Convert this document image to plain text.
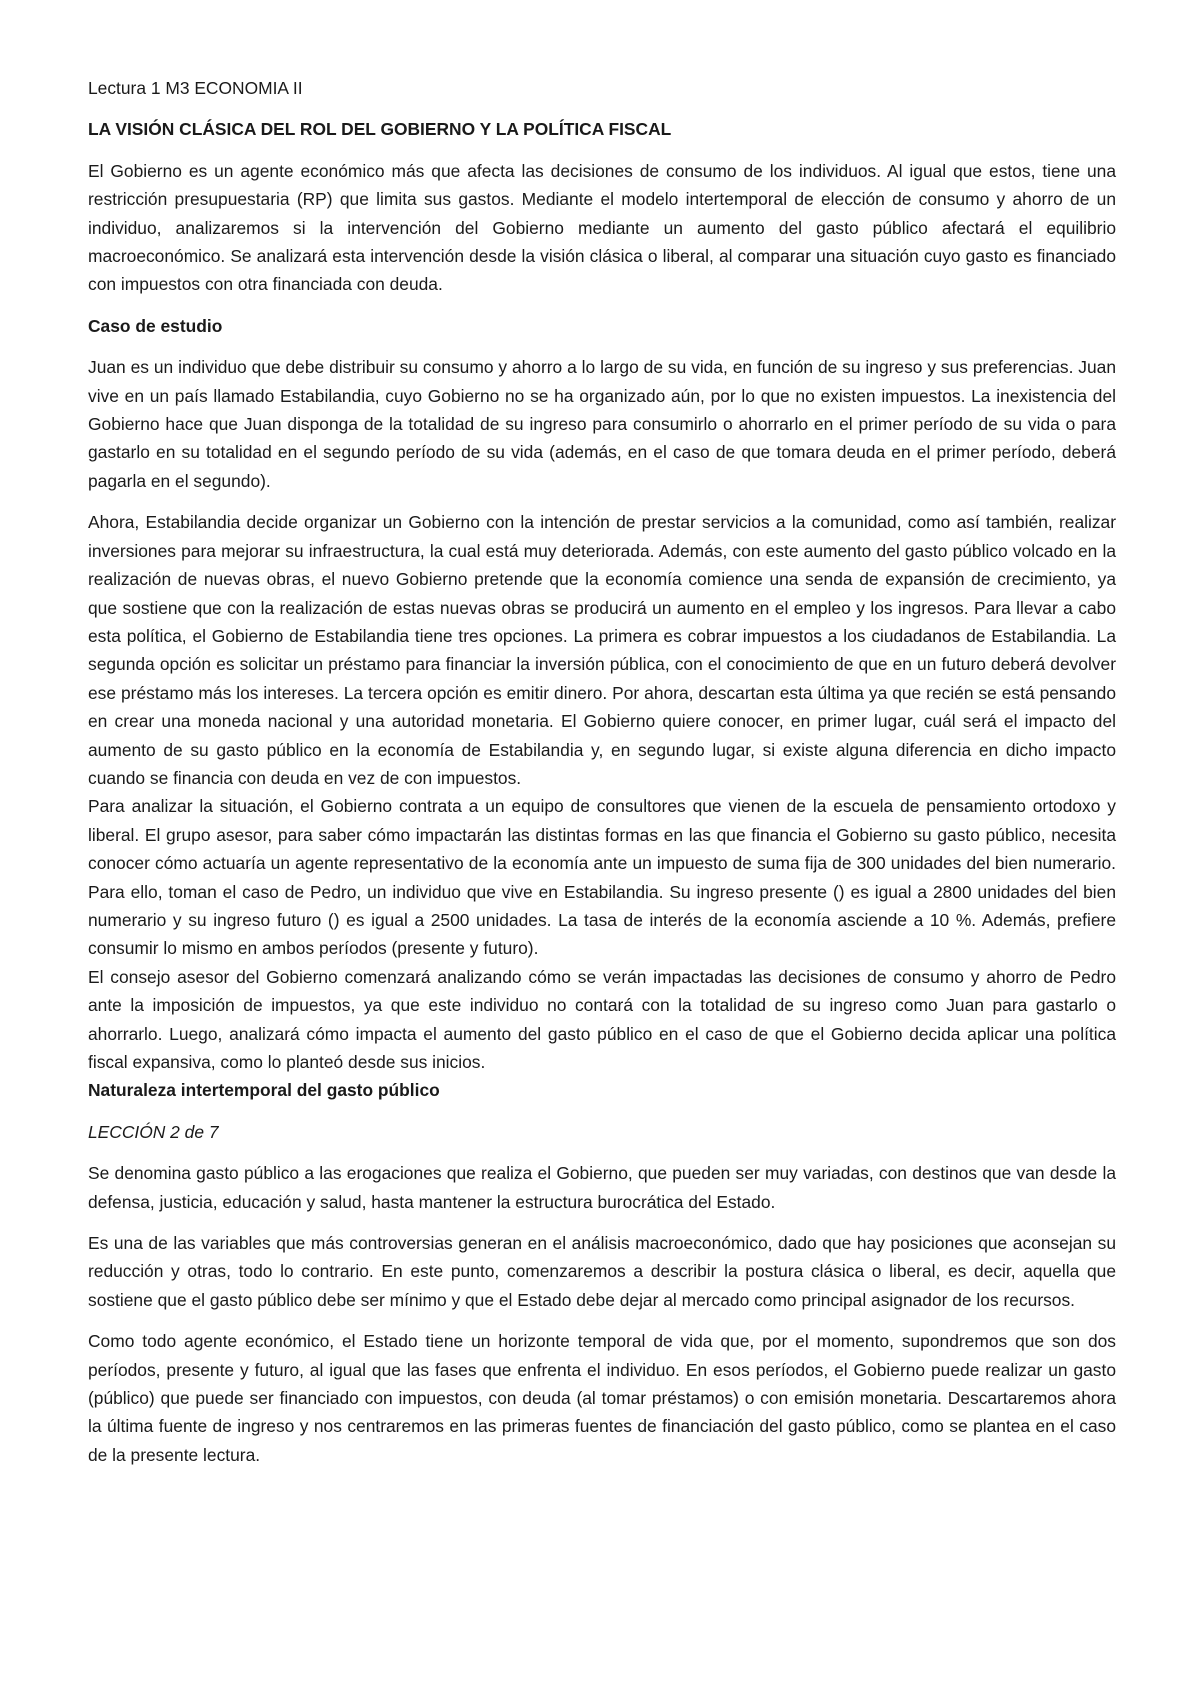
Lectura 1 M3 ECONOMIA II

LA VISIÓN CLÁSICA DEL ROL DEL GOBIERNO Y LA POLÍTICA FISCAL

El Gobierno es un agente económico más que afecta las decisiones de consumo de los individuos. Al igual que estos, tiene una restricción presupuestaria (RP) que limita sus gastos. Mediante el modelo intertemporal de elección de consumo y ahorro de un individuo, analizaremos si la intervención del Gobierno mediante un aumento del gasto público afectará el equilibrio macroeconómico. Se analizará esta intervención desde la visión clásica o liberal, al comparar una situación cuyo gasto es financiado con impuestos con otra financiada con deuda.

Caso de estudio

Juan es un individuo que debe distribuir su consumo y ahorro a lo largo de su vida, en función de su ingreso y sus preferencias. Juan vive en un país llamado Estabilandia, cuyo Gobierno no se ha organizado aún, por lo que no existen impuestos. La inexistencia del Gobierno hace que Juan disponga de la totalidad de su ingreso para consumirlo o ahorrarlo en el primer período de su vida o para gastarlo en su totalidad en el segundo período de su vida (además, en el caso de que tomara deuda en el primer período, deberá pagarla en el segundo).

Ahora, Estabilandia decide organizar un Gobierno con la intención de prestar servicios a la comunidad, como así también, realizar inversiones para mejorar su infraestructura, la cual está muy deteriorada. Además, con este aumento del gasto público volcado en la realización de nuevas obras, el nuevo Gobierno pretende que la economía comience una senda de expansión de crecimiento, ya que sostiene que con la realización de estas nuevas obras se producirá un aumento en el empleo y los ingresos. Para llevar a cabo esta política, el Gobierno de Estabilandia tiene tres opciones. La primera es cobrar impuestos a los ciudadanos de Estabilandia. La segunda opción es solicitar un préstamo para financiar la inversión pública, con el conocimiento de que en un futuro deberá devolver ese préstamo más los intereses. La tercera opción es emitir dinero. Por ahora, descartan esta última ya que recién se está pensando en crear una moneda nacional y una autoridad monetaria. El Gobierno quiere conocer, en primer lugar, cuál será el impacto del aumento de su gasto público en la economía de Estabilandia y, en segundo lugar, si existe alguna diferencia en dicho impacto cuando se financia con deuda en vez de con impuestos.

Para analizar la situación, el Gobierno contrata a un equipo de consultores que vienen de la escuela de pensamiento ortodoxo y liberal. El grupo asesor, para saber cómo impactarán las distintas formas en las que financia el Gobierno su gasto público, necesita conocer cómo actuaría un agente representativo de la economía ante un impuesto de suma fija de 300 unidades del bien numerario. Para ello, toman el caso de Pedro, un individuo que vive en Estabilandia. Su ingreso presente () es igual a 2800 unidades del bien numerario y su ingreso futuro () es igual a 2500 unidades. La tasa de interés de la economía asciende a 10 %. Además, prefiere consumir lo mismo en ambos períodos (presente y futuro).

El consejo asesor del Gobierno comenzará analizando cómo se verán impactadas las decisiones de consumo y ahorro de Pedro ante la imposición de impuestos, ya que este individuo no contará con la totalidad de su ingreso como Juan para gastarlo o ahorrarlo. Luego, analizará cómo impacta el aumento del gasto público en el caso de que el Gobierno decida aplicar una política fiscal expansiva, como lo planteó desde sus inicios.

Naturaleza intertemporal del gasto público

LECCIÓN 2 de 7

Se denomina gasto público a las erogaciones que realiza el Gobierno, que pueden ser muy variadas, con destinos que van desde la defensa, justicia, educación y salud, hasta mantener la estructura burocrática del Estado.

Es una de las variables que más controversias generan en el análisis macroeconómico, dado que hay posiciones que aconsejan su reducción y otras, todo lo contrario. En este punto, comenzaremos a describir la postura clásica o liberal, es decir, aquella que sostiene que el gasto público debe ser mínimo y que el Estado debe dejar al mercado como principal asignador de los recursos.

Como todo agente económico, el Estado tiene un horizonte temporal de vida que, por el momento, supondremos que son dos períodos, presente y futuro, al igual que las fases que enfrenta el individuo. En esos períodos, el Gobierno puede realizar un gasto (público) que puede ser financiado con impuestos, con deuda (al tomar préstamos) o con emisión monetaria. Descartaremos ahora la última fuente de ingreso y nos centraremos en las primeras fuentes de financiación del gasto público, como se plantea en el caso de la presente lectura.
